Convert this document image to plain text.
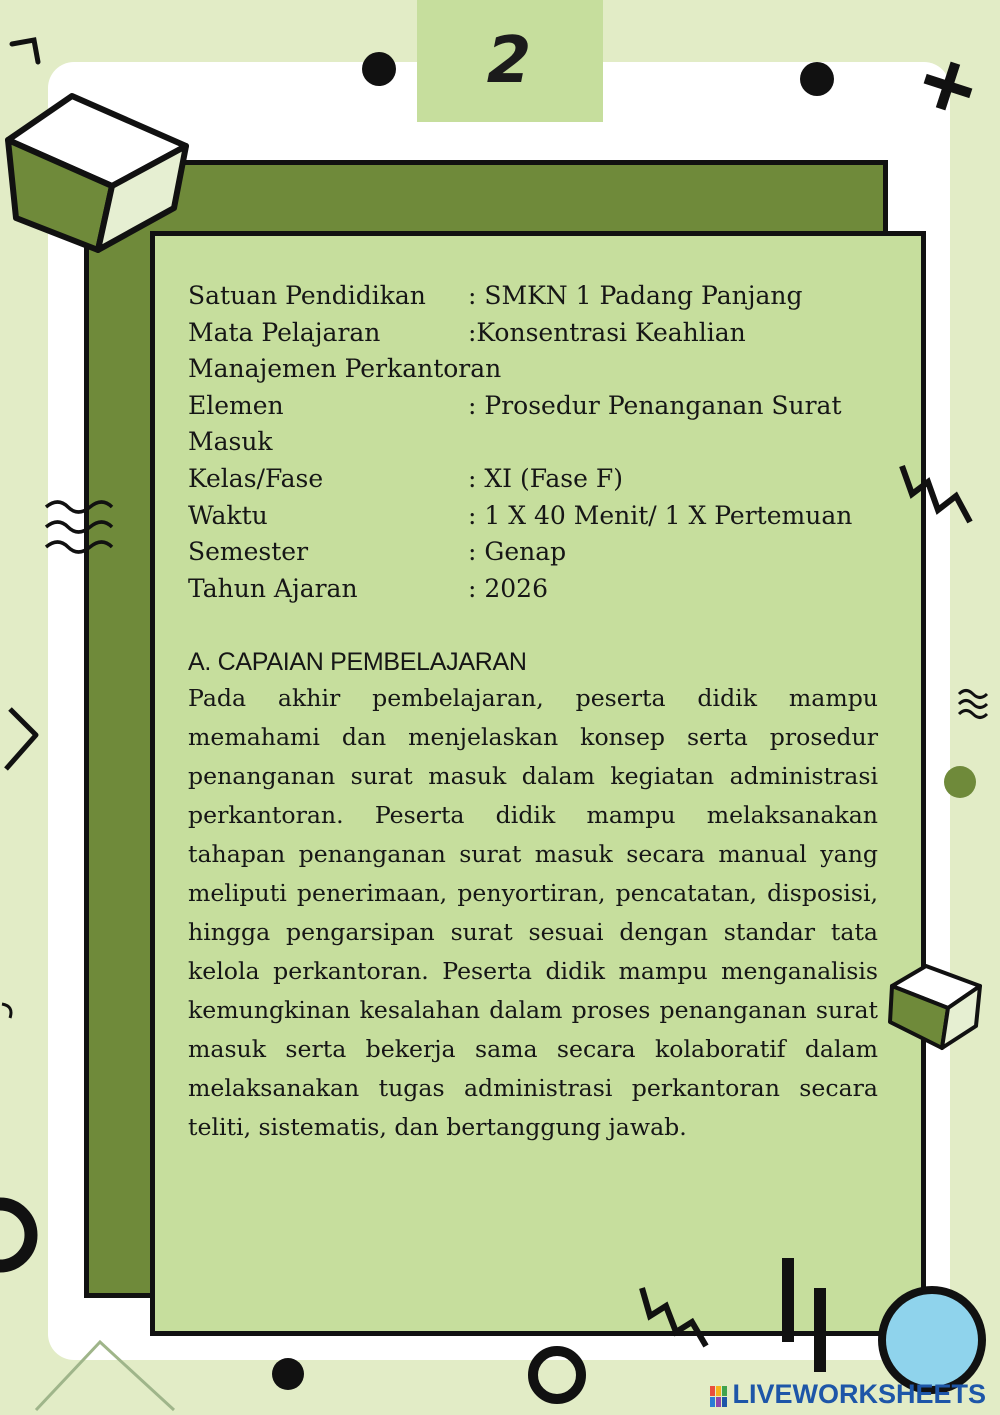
2
Satuan Pendidikan	: SMKN 1 Padang Panjang
Mata Pelajaran	:Konsentrasi Keahlian
Manajemen Perkantoran
Elemen	: Prosedur Penanganan Surat
Masuk
Kelas/Fase	: XI (Fase F)
Waktu	: 1 X 40 Menit/ 1 X Pertemuan
Semester	: Genap
Tahun Ajaran	: 2026
A. CAPAIAN PEMBELAJARAN

Pada akhir pembelajaran, peserta didik mampu memahami dan menjelaskan konsep serta prosedur penanganan surat masuk dalam kegiatan administrasi perkantoran. Peserta didik mampu melaksanakan tahapan penanganan surat masuk secara manual yang meliputi penerimaan, penyortiran, pencatatan, disposisi, hingga pengarsipan surat sesuai dengan standar tata kelola perkantoran. Peserta didik mampu menganalisis kemungkinan kesalahan dalam proses penanganan surat masuk serta bekerja sama secara kolaboratif dalam melaksanakan tugas administrasi perkantoran secara teliti, sistematis, dan bertanggung jawab.

LIVEWORKSHEETS
